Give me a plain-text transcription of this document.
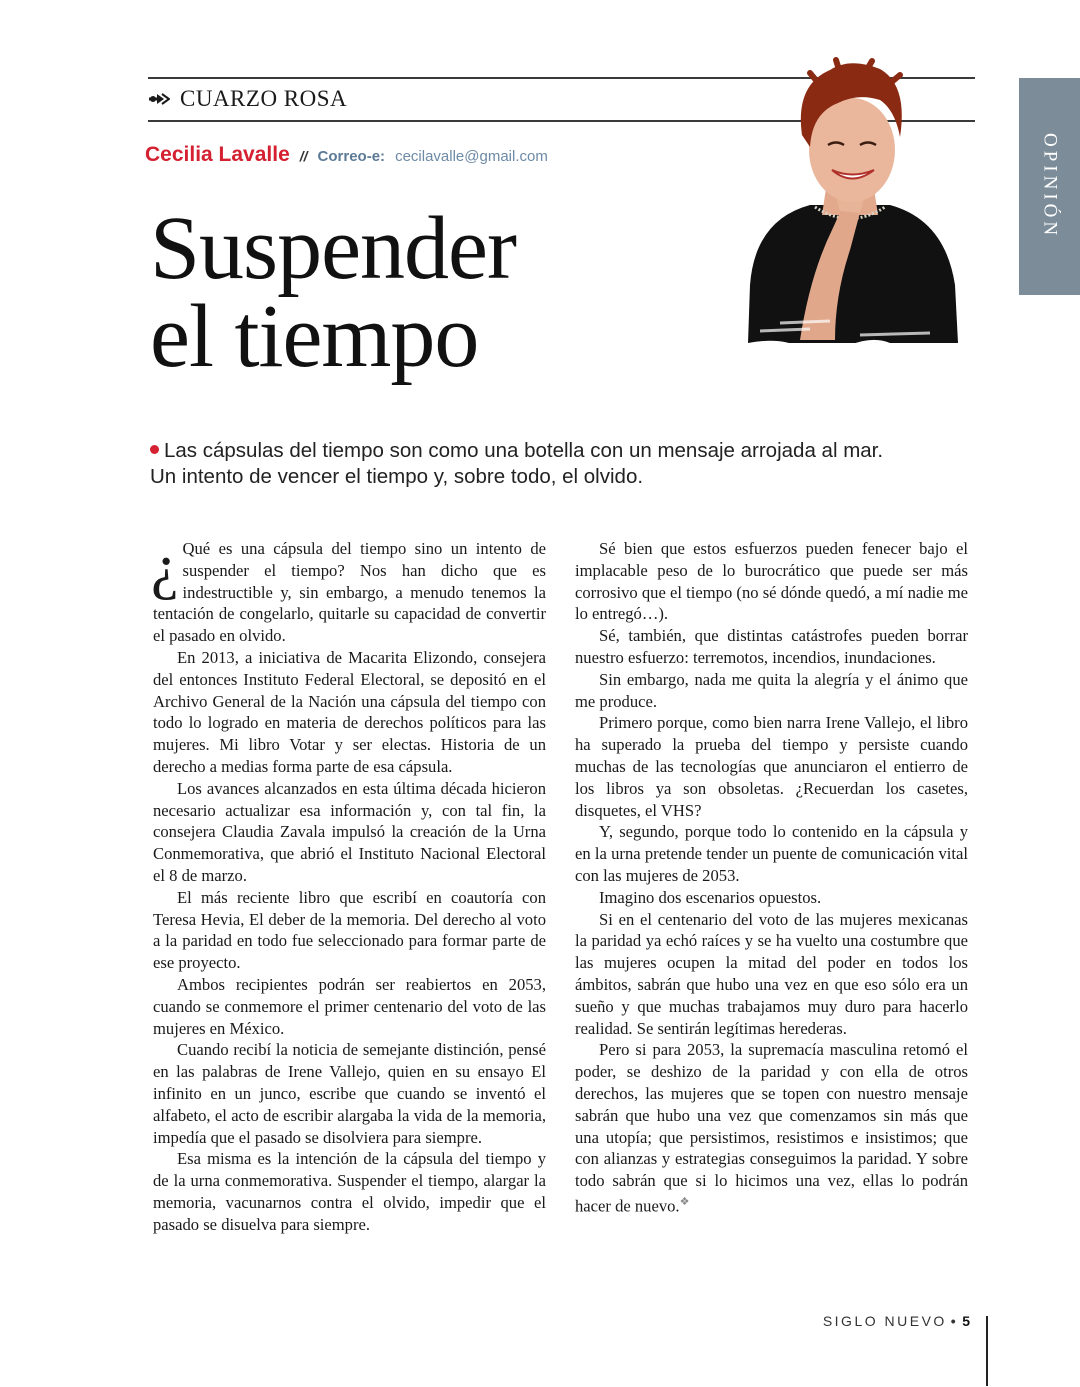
CUARZO ROSA
Cecilia Lavalle // Correo-e: cecilavalle@gmail.com
Suspender
el tiempo
OPINIÓN
Las cápsulas del tiempo son como una botella con un mensaje arrojada al mar. Un intento de vencer el tiempo y, sobre todo, el olvido.

¿ Qué es una cápsula del tiempo sino un intento de suspender el tiempo? Nos han dicho que es indestructible y, sin embargo, a menudo tenemos la tentación de congelarlo, quitarle su capacidad de convertir el pasado en olvido.

En 2013, a iniciativa de Macarita Elizondo, consejera del entonces Instituto Federal Electoral, se depositó en el Archivo General de la Nación una cápsula del tiempo con todo lo logrado en materia de derechos políticos para las mujeres. Mi libro Votar y ser electas. Historia de un derecho a medias forma parte de esa cápsula.

Los avances alcanzados en esta última década hicieron necesario actualizar esa información y, con tal fin, la consejera Claudia Zavala impulsó la creación de la Urna Conmemorativa, que abrió el Instituto Nacional Electoral el 8 de marzo.

El más reciente libro que escribí en coautoría con Teresa Hevia, El deber de la memoria. Del derecho al voto a la paridad en todo fue seleccionado para formar parte de ese proyecto.

Ambos recipientes podrán ser reabiertos en 2053, cuando se conmemore el primer centenario del voto de las mujeres en México.

Cuando recibí la noticia de semejante distinción, pensé en las palabras de Irene Vallejo, quien en su ensayo El infinito en un junco, escribe que cuando se inventó el alfabeto, el acto de escribir alargaba la vida de la memoria, impedía que el pasado se disolviera para siempre.

Esa misma es la intención de la cápsula del tiempo y de la urna conmemorativa. Suspender el tiempo, alargar la memoria, vacunarnos contra el olvido, impedir que el pasado se disuelva para siempre.

Sé bien que estos esfuerzos pueden fenecer bajo el implacable peso de lo burocrático que puede ser más corrosivo que el tiempo (no sé dónde quedó, a mí nadie me lo entregó…).

Sé, también, que distintas catástrofes pueden borrar nuestro esfuerzo: terremotos, incendios, inundaciones.

Sin embargo, nada me quita la alegría y el ánimo que me produce.

Primero porque, como bien narra Irene Vallejo, el libro ha superado la prueba del tiempo y persiste cuando muchas de las tecnologías que anunciaron el entierro de los libros ya son obsoletas. ¿Recuerdan los casetes, disquetes, el VHS?

Y, segundo, porque todo lo contenido en la cápsula y en la urna pretende tender un puente de comunicación vital con las mujeres de 2053.

Imagino dos escenarios opuestos.

Si en el centenario del voto de las mujeres mexicanas la paridad ya echó raíces y se ha vuelto una costumbre que las mujeres ocupen la mitad del poder en todos los ámbitos, sabrán que hubo una vez en que eso sólo era un sueño y que muchas trabajamos muy duro para hacerlo realidad. Se sentirán legítimas herederas.

Pero si para 2053, la supremacía masculina retomó el poder, se deshizo de la paridad y con ella de otros derechos, las mujeres que se topen con nuestro mensaje sabrán que hubo una vez que comenzamos sin más que una utopía; que persistimos, resistimos e insistimos; que con alianzas y estrategias conseguimos la paridad. Y sobre todo sabrán que si lo hicimos una vez, ellas lo podrán hacer de nuevo.❖

SIGLO NUEVO • 5
